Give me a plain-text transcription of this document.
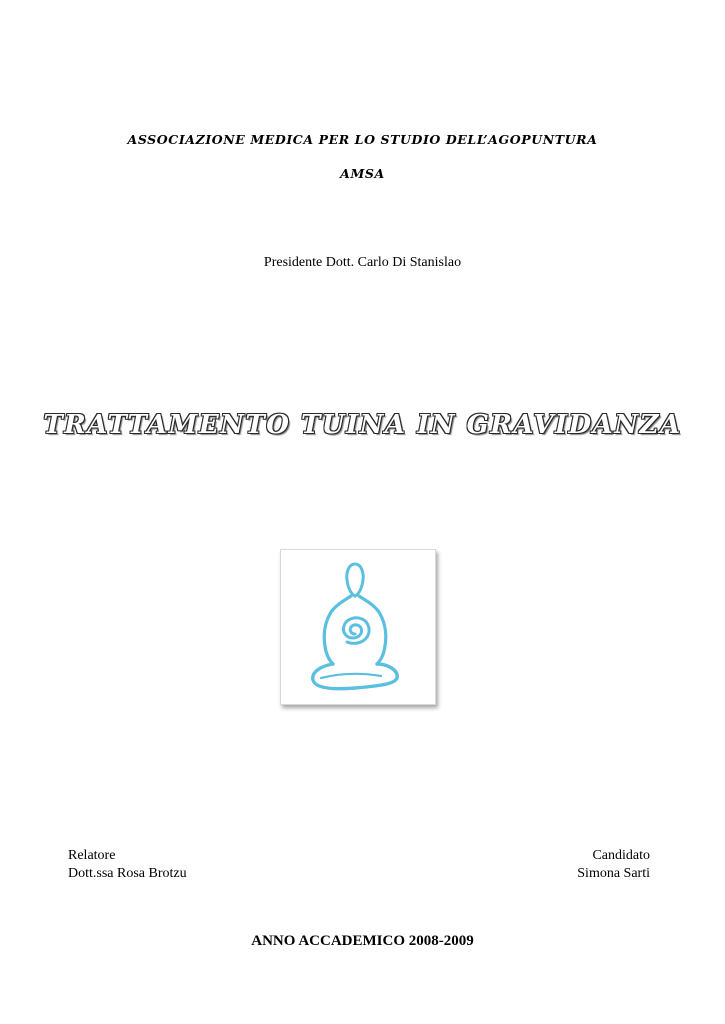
ASSOCIAZIONE MEDICA PER LO STUDIO DELL’AGOPUNTURA
AMSA
Presidente Dott. Carlo Di Stanislao
TRATTAMENTO TUINA IN GRAVIDANZA
Relatore
Dott.ssa Rosa Brotzu
Candidato
Simona Sarti
ANNO ACCADEMICO 2008-2009
